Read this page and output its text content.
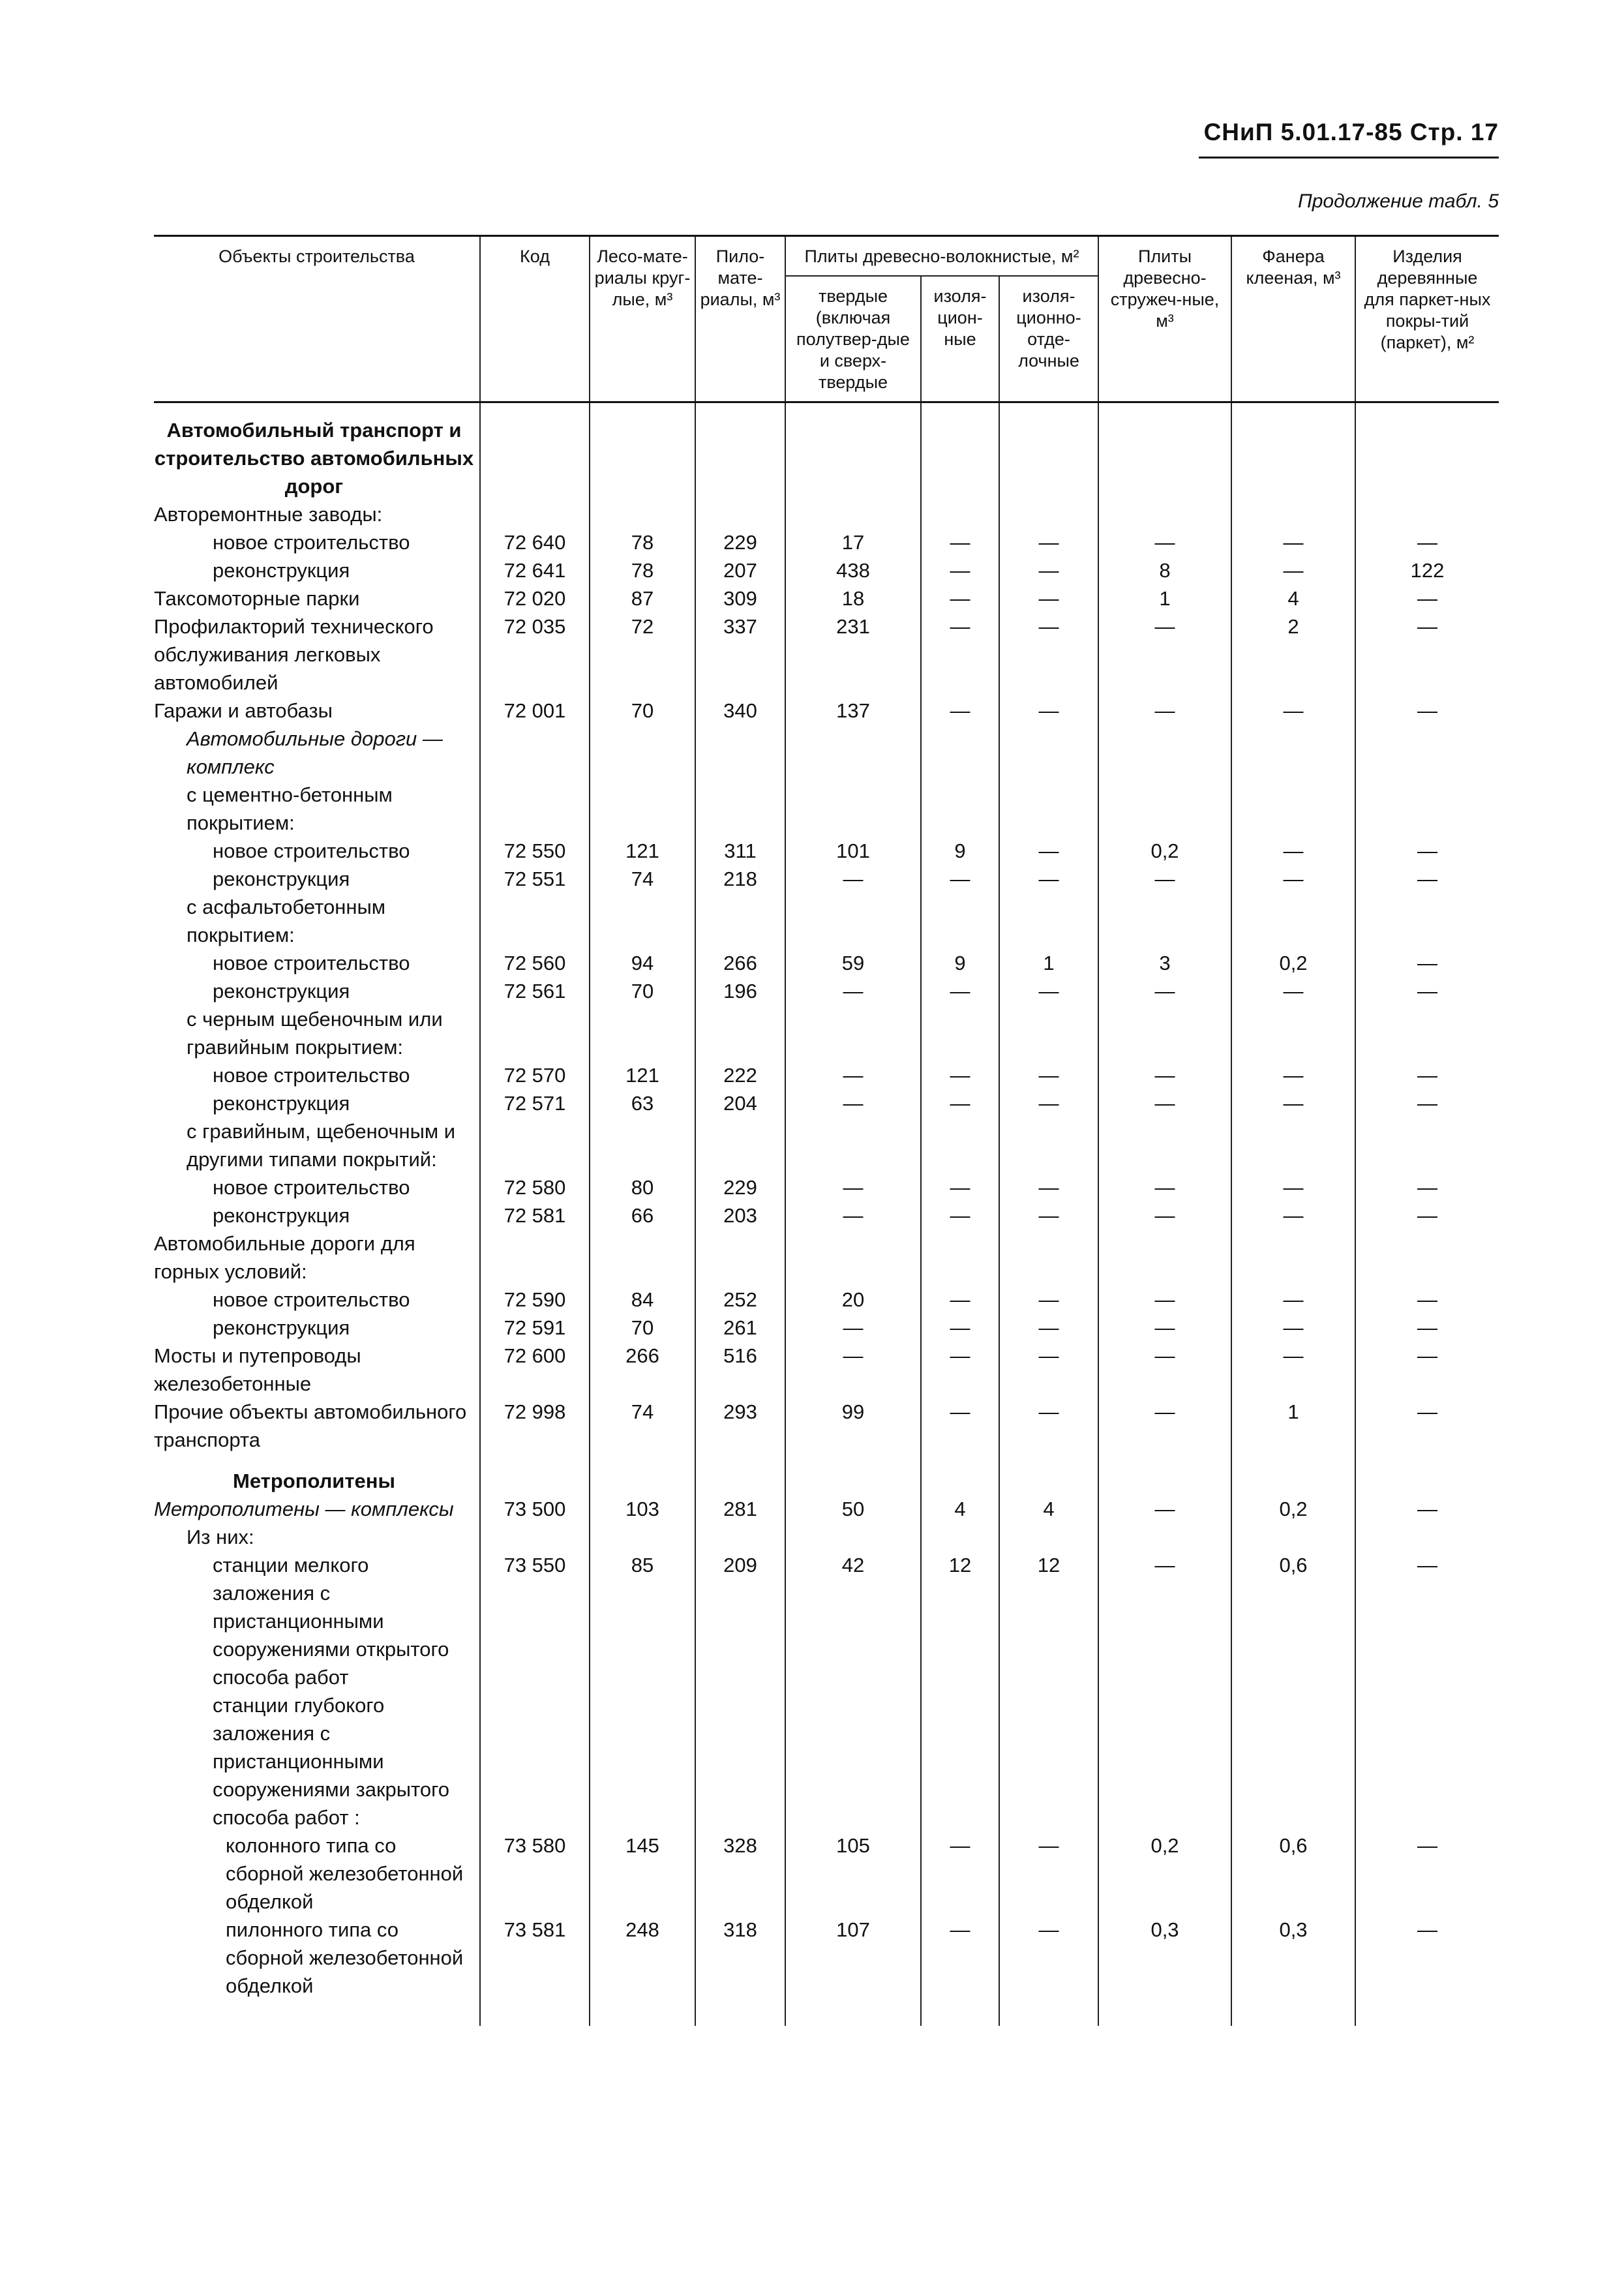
СНиП 5.01.17-85 Стр. 17
Продолжение табл. 5
Объекты строительства	Код	Лесо-мате-риалы круг-лые, м³	Пило-мате-риалы, м³	Плиты древесно-волокнистые, м²			Плиты древесно-стружеч-ные, м³	Фанера клееная, м³	Изделия деревянные для паркет-ных покры-тий (паркет), м²
				твердые (включая полутвер-дые и сверх-твердые	изоля-цион-ные	изоля-ционно-отде-лочные			
Автомобильный транспорт и строительство автомобильных дорог									
Авторемонтные заводы:									
новое строительство	72 640	78	229	17	—	—	—	—	—
реконструкция	72 641	78	207	438	—	—	8	—	122
Таксомоторные парки	72 020	87	309	18	—	—	1	4	—
Профилакторий технического обслуживания легковых автомобилей	72 035	72	337	231	—	—	—	2	—
Гаражи и автобазы	72 001	70	340	137	—	—	—	—	—
Автомобильные дороги — комплекс									
с цементно-бетонным покрытием:									
новое строительство	72 550	121	311	101	9	—	0,2	—	—
реконструкция	72 551	74	218	—	—	—	—	—	—
с асфальтобетонным покрытием:									
новое строительство	72 560	94	266	59	9	1	3	0,2	—
реконструкция	72 561	70	196	—	—	—	—	—	—
с черным щебеночным или гравийным покрытием:									
новое строительство	72 570	121	222	—	—	—	—	—	—
реконструкция	72 571	63	204	—	—	—	—	—	—
с гравийным, щебеночным и другими типами покрытий:									
новое строительство	72 580	80	229	—	—	—	—	—	—
реконструкция	72 581	66	203	—	—	—	—	—	—
Автомобильные дороги для горных условий:									
новое строительство	72 590	84	252	20	—	—	—	—	—
реконструкция	72 591	70	261	—	—	—	—	—	—
Мосты и путепроводы железобетонные	72 600	266	516	—	—	—	—	—	—
Прочие объекты автомобильного транспорта	72 998	74	293	99	—	—	—	1	—
Метрополитены									
Метрополитены — комплексы	73 500	103	281	50	4	4	—	0,2	—
Из них:									
станции мелкого заложения с пристанционными сооружениями открытого способа работ	73 550	85	209	42	12	12	—	0,6	—
станции глубокого заложения с пристанционными сооружениями закрытого способа работ :									
колонного типа со сборной железобетонной обделкой	73 580	145	328	105	—	—	0,2	0,6	—
пилонного типа со сборной железобетонной обделкой	73 581	248	318	107	—	—	0,3	0,3	—
